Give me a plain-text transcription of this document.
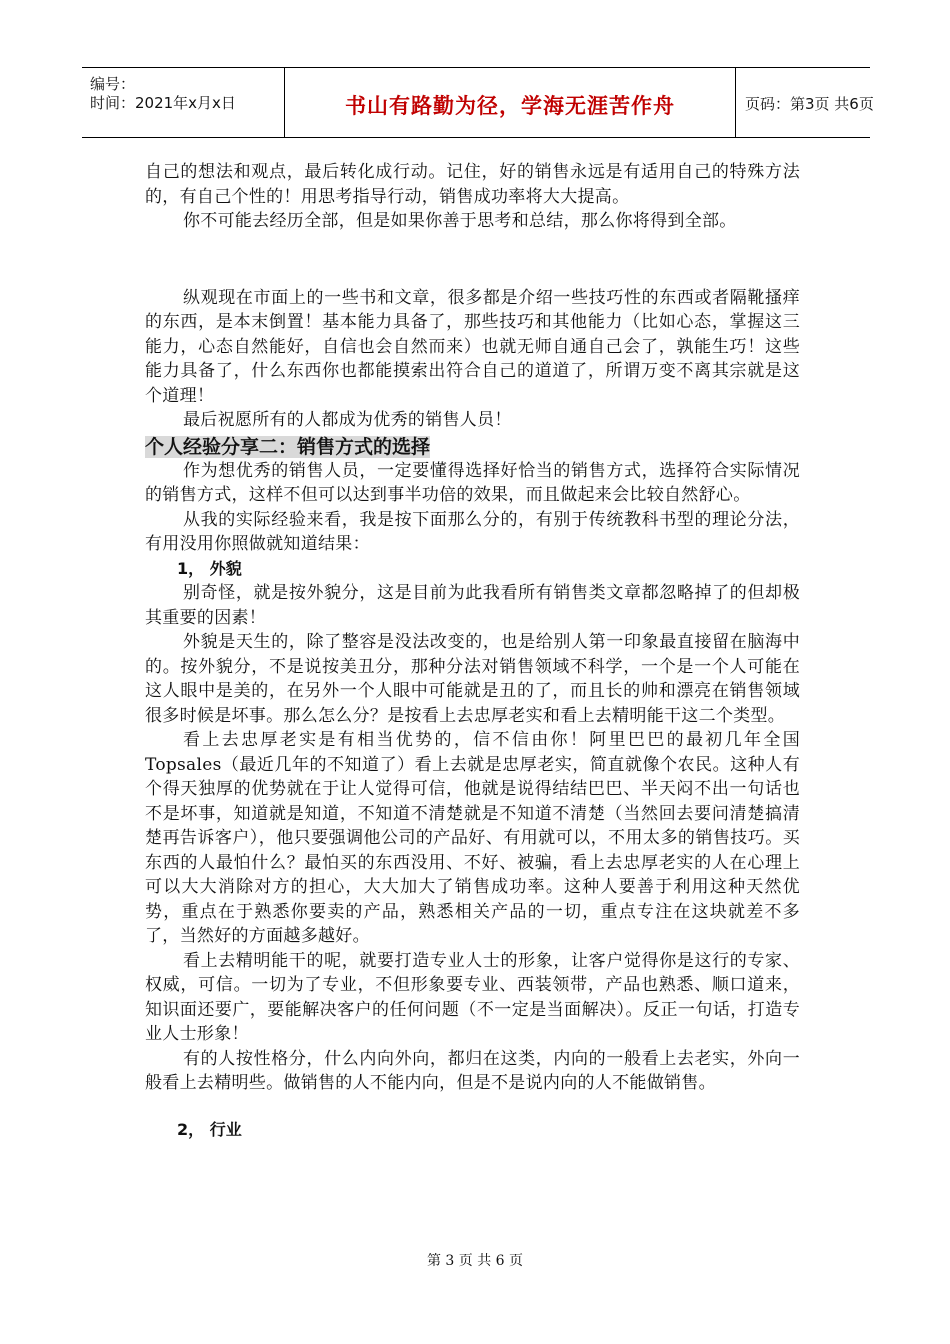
编号：
时间：2021年x月x日	书山有路勤为径，学海无涯苦作舟	页码：第3页 共6页

自己的想法和观点，最后转化成行动。记住，好的销售永远是有适用自己的特殊方法的，有自己个性的！用思考指导行动，销售成功率将大大提高。

你不可能去经历全部，但是如果你善于思考和总结，那么你将得到全部。

纵观现在市面上的一些书和文章，很多都是介绍一些技巧性的东西或者隔靴搔痒的东西，是本末倒置！基本能力具备了，那些技巧和其他能力（比如心态，掌握这三能力，心态自然能好，自信也会自然而来）也就无师自通自己会了，孰能生巧！这些能力具备了，什么东西你也都能摸索出符合自己的道道了，所谓万变不离其宗就是这个道理！

最后祝愿所有的人都成为优秀的销售人员！

个人经验分享二：销售方式的选择

作为想优秀的销售人员，一定要懂得选择好恰当的销售方式，选择符合实际情况的销售方式，这样不但可以达到事半功倍的效果，而且做起来会比较自然舒心。

从我的实际经验来看，我是按下面那么分的，有别于传统教科书型的理论分法，有用没用你照做就知道结果：

1， 外貌

别奇怪，就是按外貌分，这是目前为此我看所有销售类文章都忽略掉了的但却极其重要的因素！

外貌是天生的，除了整容是没法改变的，也是给别人第一印象最直接留在脑海中的。按外貌分，不是说按美丑分，那种分法对销售领域不科学，一个是一个人可能在这人眼中是美的，在另外一个人眼中可能就是丑的了，而且长的帅和漂亮在销售领域很多时候是坏事。那么怎么分？是按看上去忠厚老实和看上去精明能干这二个类型。

看上去忠厚老实是有相当优势的，信不信由你！阿里巴巴的最初几年全国Topsales（最近几年的不知道了）看上去就是忠厚老实，简直就像个农民。这种人有个得天独厚的优势就在于让人觉得可信，他就是说得结结巴巴、半天闷不出一句话也不是坏事，知道就是知道，不知道不清楚就是不知道不清楚（当然回去要问清楚搞清楚再告诉客户），他只要强调他公司的产品好、有用就可以，不用太多的销售技巧。买东西的人最怕什么？最怕买的东西没用、不好、被骗，看上去忠厚老实的人在心理上可以大大消除对方的担心，大大加大了销售成功率。这种人要善于利用这种天然优势，重点在于熟悉你要卖的产品，熟悉相关产品的一切，重点专注在这块就差不多了，当然好的方面越多越好。

看上去精明能干的呢，就要打造专业人士的形象，让客户觉得你是这行的专家、权威，可信。一切为了专业，不但形象要专业、西装领带，产品也熟悉、顺口道来，知识面还要广，要能解决客户的任何问题（不一定是当面解决）。反正一句话，打造专业人士形象！

有的人按性格分，什么内向外向，都归在这类，内向的一般看上去老实，外向一般看上去精明些。做销售的人不能内向，但是不是说内向的人不能做销售。

2， 行业

第 3 页 共 6 页
